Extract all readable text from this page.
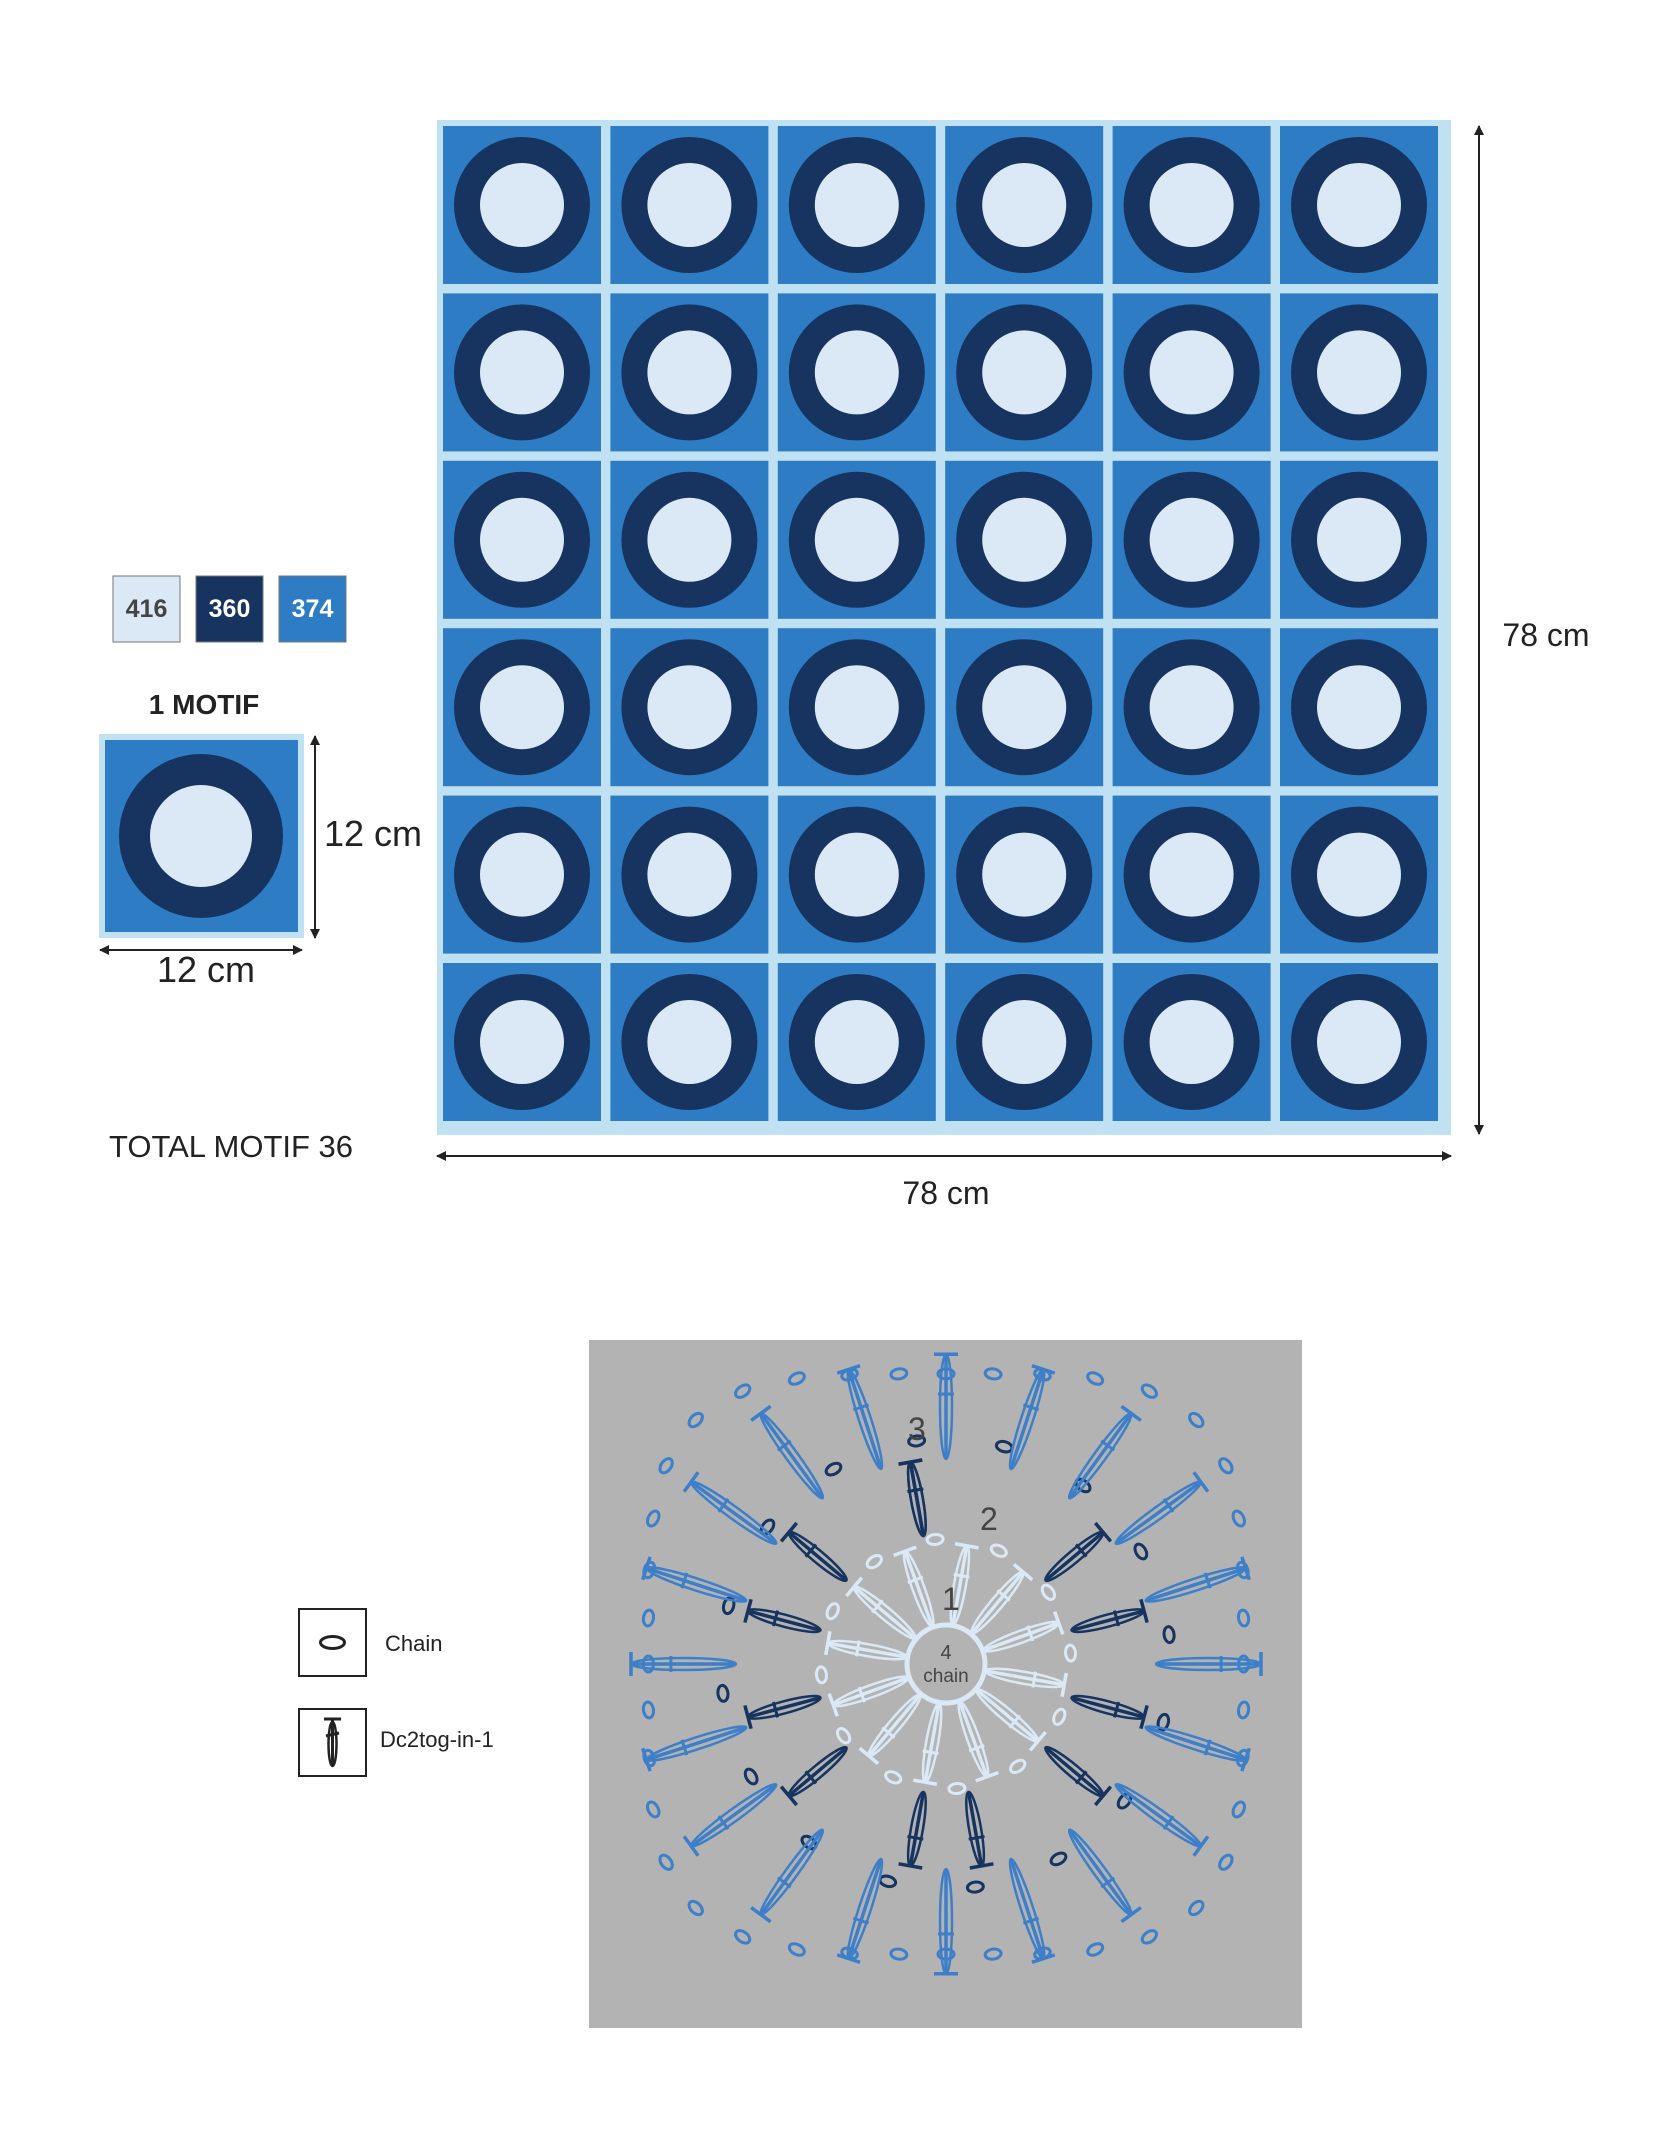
416 360 374
1 MOTIF
12 cm
12 cm
TOTAL MOTIF 36
78 cm
78 cm
4
chain
1
2
3
Chain
Dc2tog-in-1
